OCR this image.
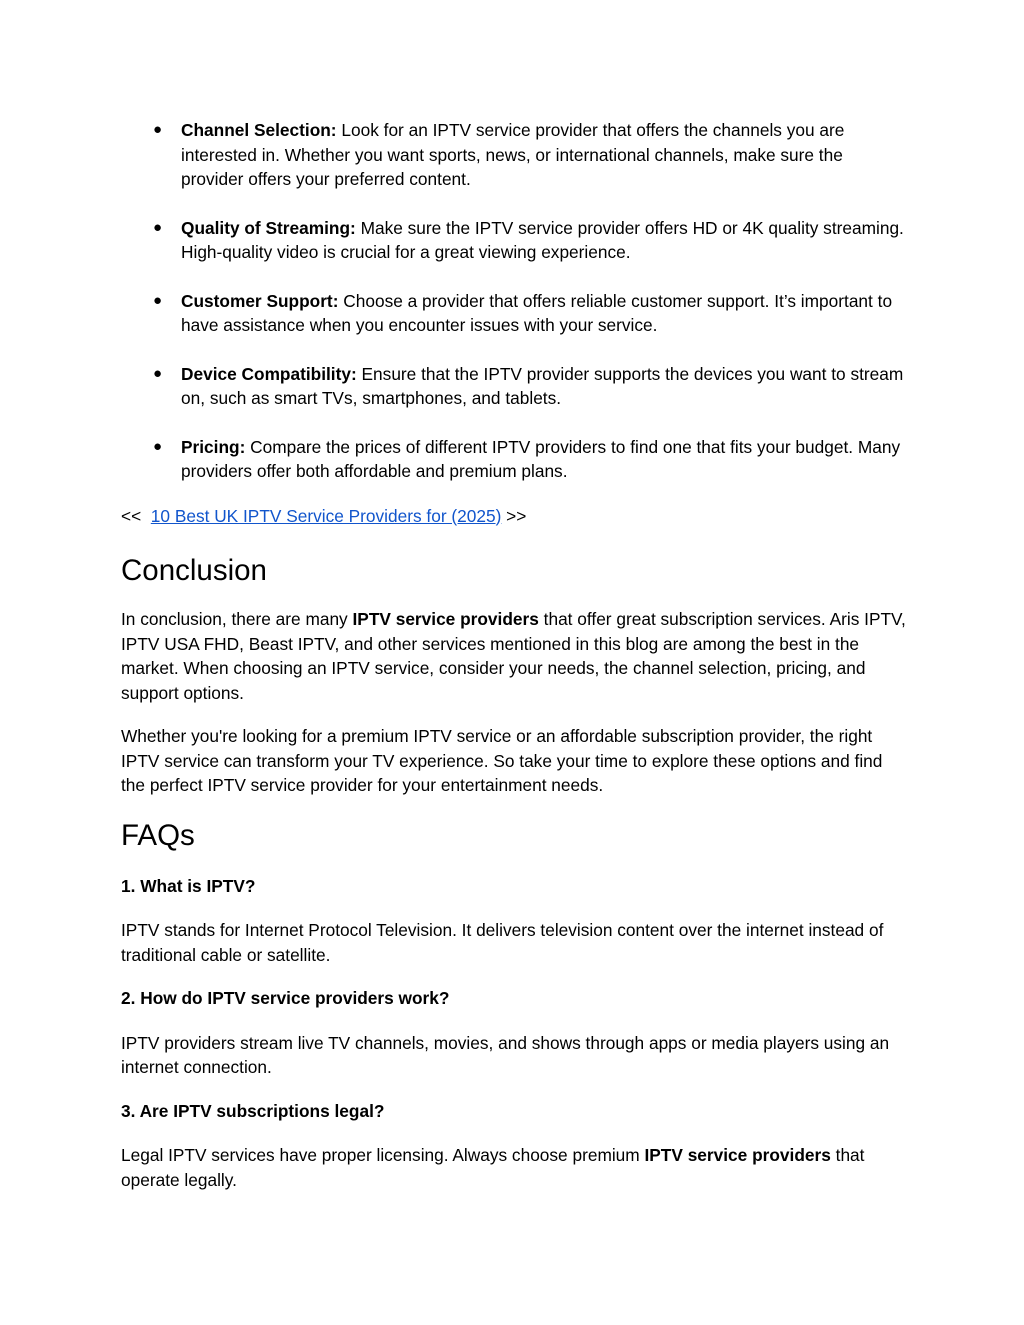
● Channel Selection: Look for an IPTV service provider that offers the channels you are interested in. Whether you want sports, news, or international channels, make sure the provider offers your preferred content.
● Quality of Streaming: Make sure the IPTV service provider offers HD or 4K quality streaming. High-quality video is crucial for a great viewing experience.
● Customer Support: Choose a provider that offers reliable customer support. It’s important to have assistance when you encounter issues with your service.
● Device Compatibility: Ensure that the IPTV provider supports the devices you want to stream on, such as smart TVs, smartphones, and tablets.
● Pricing: Compare the prices of different IPTV providers to find one that fits your budget. Many providers offer both affordable and premium plans.
<<  10 Best UK IPTV Service Providers for (2025) >>
Conclusion

In conclusion, there are many IPTV service providers that offer great subscription services. Aris IPTV, IPTV USA FHD, Beast IPTV, and other services mentioned in this blog are among the best in the market. When choosing an IPTV service, consider your needs, the channel selection, pricing, and support options.

Whether you're looking for a premium IPTV service or an affordable subscription provider, the right IPTV service can transform your TV experience. So take your time to explore these options and find the perfect IPTV service provider for your entertainment needs.

FAQs
1. What is IPTV?

IPTV stands for Internet Protocol Television. It delivers television content over the internet instead of traditional cable or satellite.

2. How do IPTV service providers work?

IPTV providers stream live TV channels, movies, and shows through apps or media players using an internet connection.

3. Are IPTV subscriptions legal?

Legal IPTV services have proper licensing. Always choose premium IPTV service providers that operate legally.
